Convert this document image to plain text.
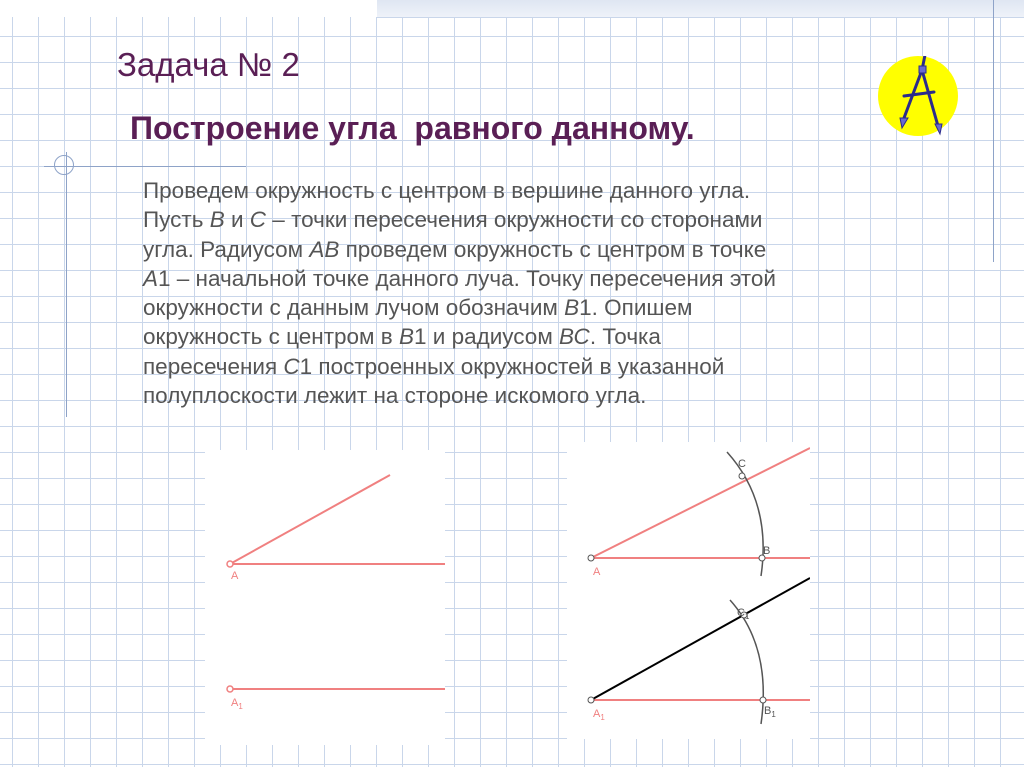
Задача № 2
Построение угла  равного данному.

Проведем окружность с центром в вершине данного угла.
Пусть В и С – точки пересечения окружности со сторонами
угла. Радиусом АВ проведем окружность с центром в точке
А1 – начальной точке данного луча. Точку пересечения этой
окружности с данным лучом обозначим В1. Опишем
окружность с центром в В1 и радиусом ВС. Точка
пересечения С1 построенных окружностей в указанной
полуплоскости лежит на стороне искомого угла.

A
$A_1$
A
C
B
$A_1$
$C_1$
$B_1$
